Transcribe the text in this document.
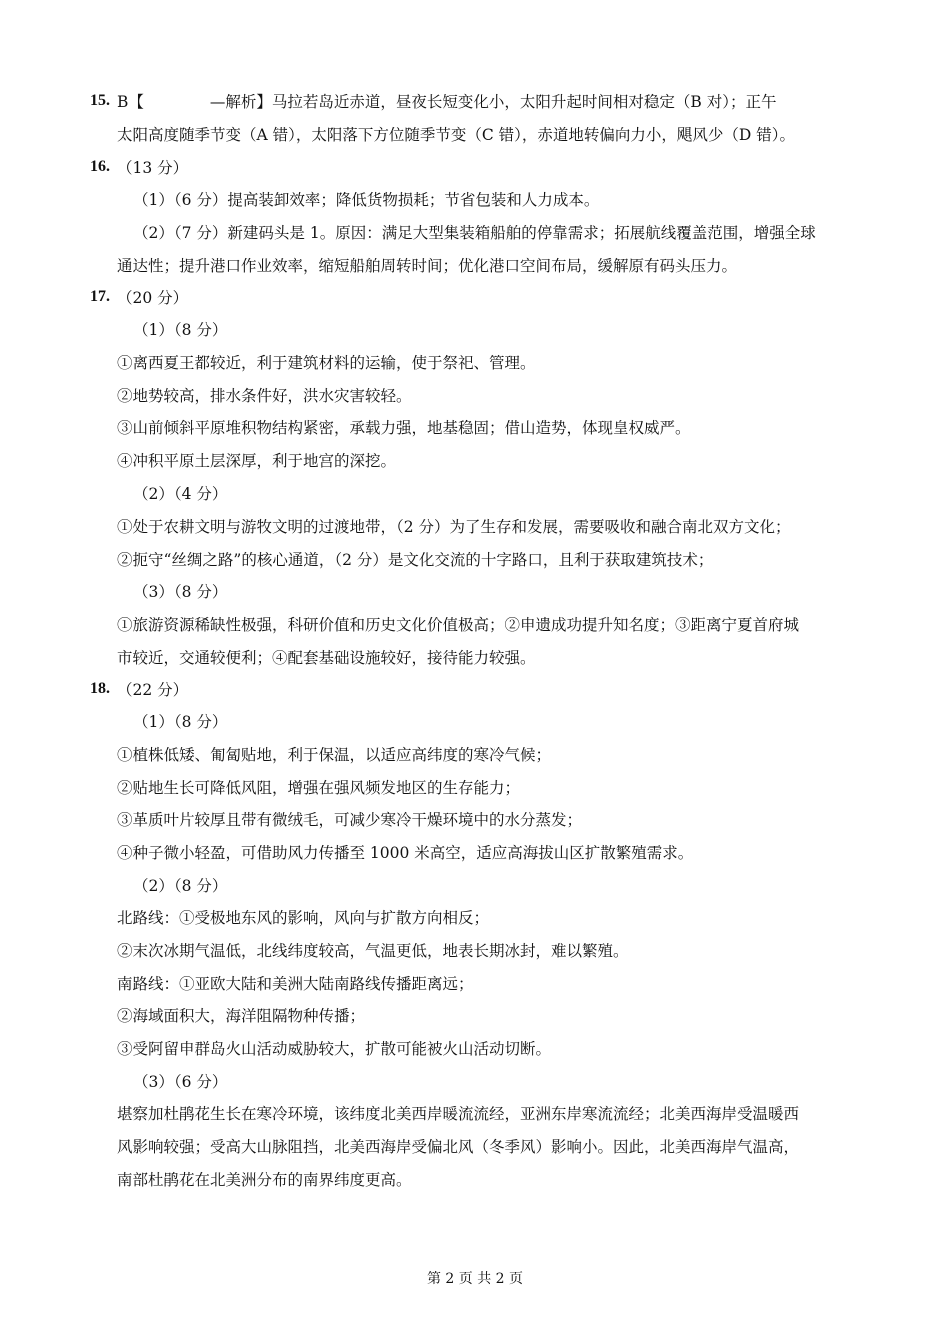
15. B【	—解析】马拉若岛近赤道，昼夜长短变化小，太阳升起时间相对稳定（B 对）；正午
太阳高度随季节变（A 错），太阳落下方位随季节变（C 错），赤道地转偏向力小，飓风少（D 错）。
16. （13 分）
（1）（6 分）提高装卸效率；降低货物损耗；节省包装和人力成本。
（2）（7 分）新建码头是 1。原因：满足大型集装箱船舶的停靠需求；拓展航线覆盖范围，增强全球
通达性；提升港口作业效率，缩短船舶周转时间；优化港口空间布局，缓解原有码头压力。
17. （20 分）
（1）（8 分）
①离西夏王都较近，利于建筑材料的运输，使于祭祀、管理。
②地势较高，排水条件好，洪水灾害较轻。
③山前倾斜平原堆积物结构紧密，承载力强，地基稳固；借山造势，体现皇权威严。
④冲积平原土层深厚，利于地宫的深挖。
（2）（4 分）
①处于农耕文明与游牧文明的过渡地带，（2 分）为了生存和发展，需要吸收和融合南北双方文化；
②扼守“丝绸之路”的核心通道，（2 分）是文化交流的十字路口，且利于获取建筑技术；
（3）（8 分）
①旅游资源稀缺性极强，科研价值和历史文化价值极高；②申遗成功提升知名度；③距离宁夏首府城
市较近，交通较便利；④配套基础设施较好，接待能力较强。
18. （22 分）
（1）（8 分）
①植株低矮、匍匐贴地，利于保温，以适应高纬度的寒冷气候；
②贴地生长可降低风阻，增强在强风频发地区的生存能力；
③革质叶片较厚且带有微绒毛，可减少寒冷干燥环境中的水分蒸发；
④种子微小轻盈，可借助风力传播至 1000 米高空，适应高海拔山区扩散繁殖需求。
（2）（8 分）
北路线：①受极地东风的影响，风向与扩散方向相反；
②末次冰期气温低，北线纬度较高，气温更低，地表长期冰封，难以繁殖。
南路线：①亚欧大陆和美洲大陆南路线传播距离远；
②海域面积大，海洋阻隔物种传播；
③受阿留申群岛火山活动威胁较大，扩散可能被火山活动切断。
（3）（6 分）
堪察加杜鹃花生长在寒冷环境，该纬度北美西岸暖流流经，亚洲东岸寒流流经；北美西海岸受温暖西
风影响较强；受高大山脉阻挡，北美西海岸受偏北风（冬季风）影响小。因此，北美西海岸气温高，
南部杜鹃花在北美洲分布的南界纬度更高。
第 2 页 共 2 页
